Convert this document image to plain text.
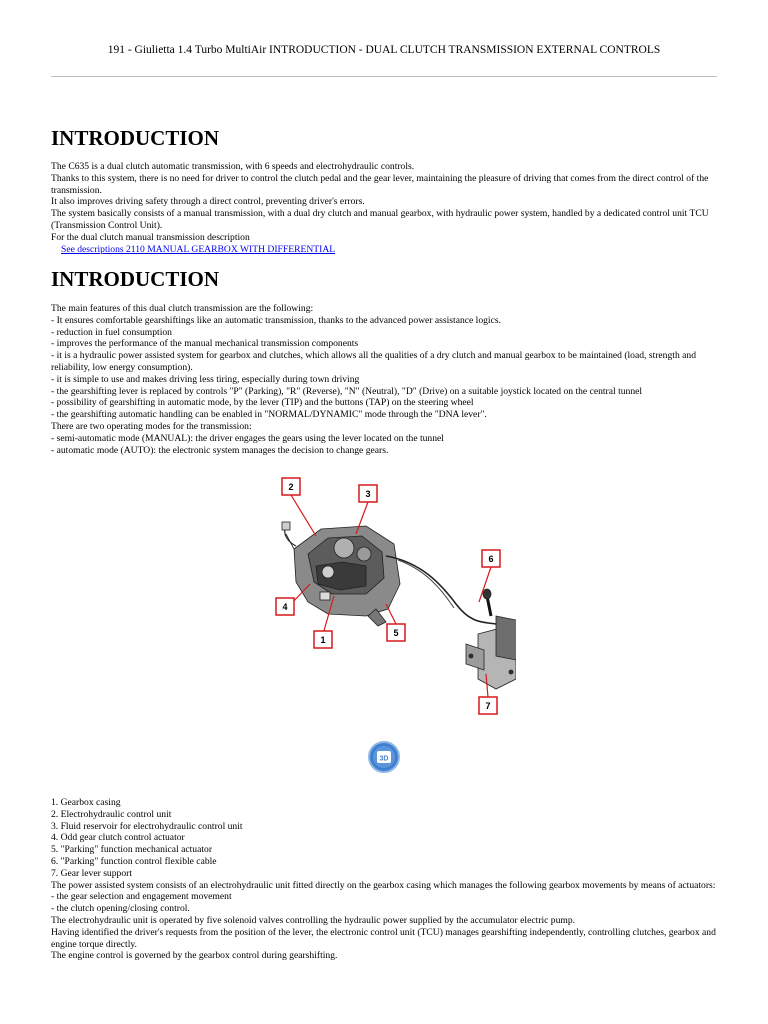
191 - Giulietta 1.4 Turbo MultiAir INTRODUCTION - DUAL CLUTCH TRANSMISSION EXTERNAL CONTROLS
INTRODUCTION

The C635 is a dual clutch automatic transmission, with 6 speeds and electrohydraulic controls.

Thanks to this system, there is no need for driver to control the clutch pedal and the gear lever, maintaining the pleasure of driving that comes from the direct control of the transmission.

It also improves driving safety through a direct control, preventing driver's errors.

The system basically consists of a manual transmission, with a dual dry clutch and manual gearbox, with hydraulic power system, handled by a dedicated control unit TCU (Transmission Control Unit).

For the dual clutch manual transmission description

See descriptions 2110 MANUAL GEARBOX WITH DIFFERENTIAL

INTRODUCTION

The main features of this dual clutch transmission are the following:

- It ensures comfortable gearshiftings like an automatic transmission, thanks to the advanced power assistance logics.

- reduction in fuel consumption

- improves the performance of the manual mechanical transmission components

- it is a hydraulic power assisted system for gearbox and clutches, which allows all the qualities of a dry clutch and manual gearbox to be maintained (load, strength and reliability, low energy consumption).

- it is simple to use and makes driving less tiring, especially during town driving

- the gearshifting lever is replaced by controls "P" (Parking), "R" (Reverse), "N" (Neutral), "D" (Drive) on a suitable joystick located on the central tunnel

- possibility of gearshifting in automatic mode, by the lever (TIP) and the buttons (TAP) on the steering wheel

- the gearshifting automatic handling can be enabled in "NORMAL/DYNAMIC" mode through the "DNA lever".

There are two operating modes for the transmission:

- semi-automatic mode (MANUAL): the driver engages the gears using the lever located on the tunnel

- automatic mode (AUTO): the electronic system manages the decision to change gears.

2
3
6
4
1
5
7
3D

1. Gearbox casing

2. Electrohydraulic control unit

3. Fluid reservoir for electrohydraulic control unit

4. Odd gear clutch control actuator

5. "Parking" function mechanical actuator

6. "Parking" function control flexible cable

7. Gear lever support

The power assisted system consists of an electrohydraulic unit fitted directly on the gearbox casing which manages the following gearbox movements by means of actuators:

- the gear selection and engagement movement

- the clutch opening/closing control.

The electrohydraulic unit is operated by five solenoid valves controlling the hydraulic power supplied by the accumulator electric pump.

Having identified the driver's requests from the position of the lever, the electronic control unit (TCU) manages gearshifting independently, controlling clutches, gearbox and engine torque directly.

The engine control is governed by the gearbox control during gearshifting.
